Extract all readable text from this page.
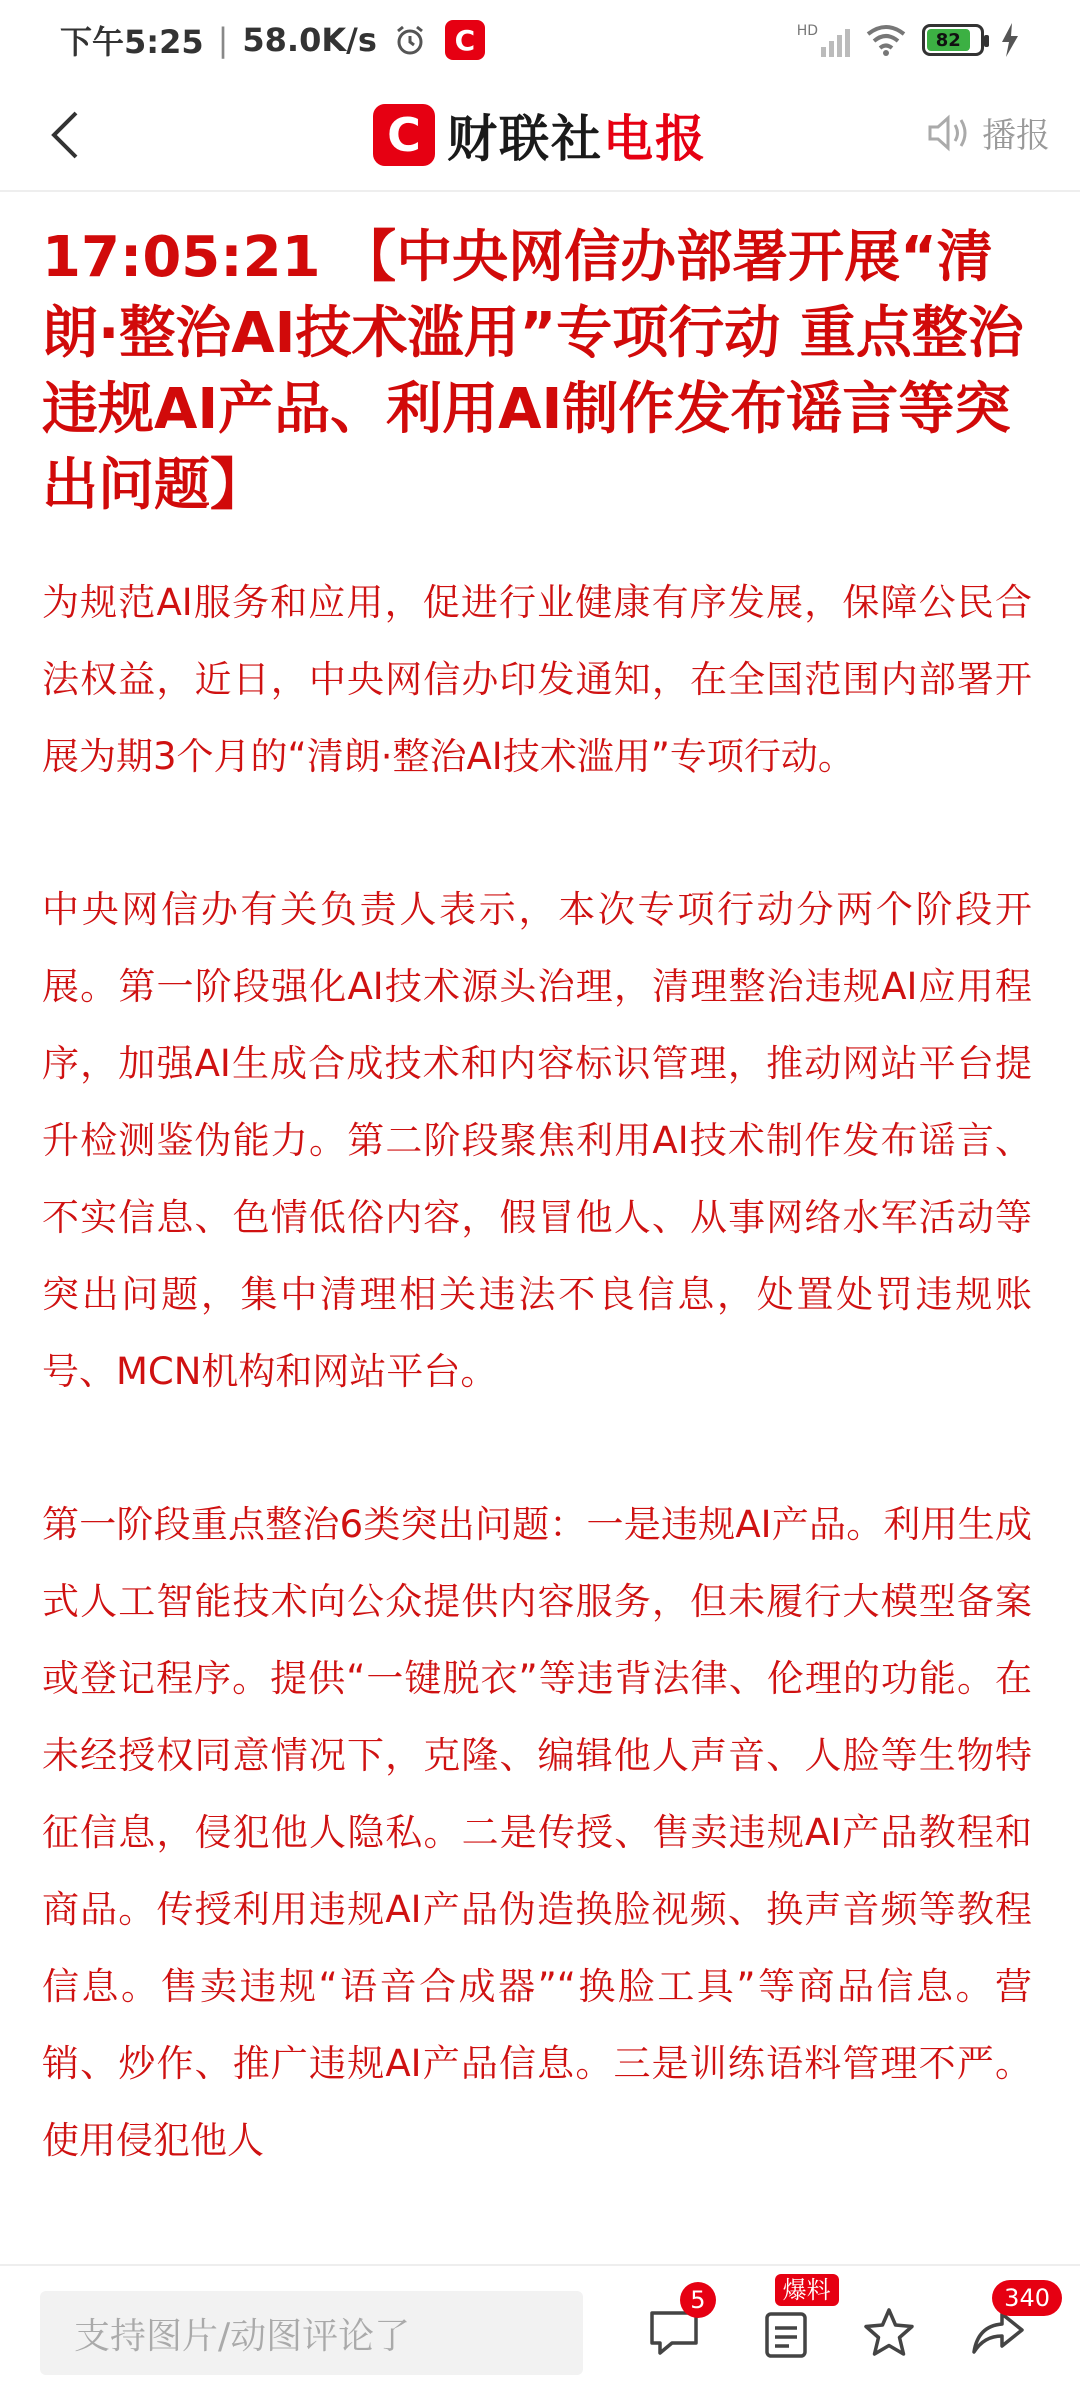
下午5:25 | 58.0K/s	C	HD	82
C 财联社电报	播报
17:05:21 【中央网信办部署开展“清朗·整治AI技术滥用”专项行动 重点整治违规AI产品、利用AI制作发布谣言等突出问题】

为规范AI服务和应用，促进行业健康有序发展，保障公民合法权益，近日，中央网信办印发通知，在全国范围内部署开展为期3个月的“清朗·整治AI技术滥用”专项行动。

中央网信办有关负责人表示，本次专项行动分两个阶段开展。第一阶段强化AI技术源头治理，清理整治违规AI应用程序，加强AI生成合成技术和内容标识管理，推动网站平台提升检测鉴伪能力。第二阶段聚焦利用AI技术制作发布谣言、不实信息、色情低俗内容，假冒他人、从事网络水军活动等突出问题，集中清理相关违法不良信息，处置处罚违规账号、MCN机构和网站平台。

第一阶段重点整治6类突出问题：一是违规AI产品。利用生成式人工智能技术向公众提供内容服务，但未履行大模型备案或登记程序。提供“一键脱衣”等违背法律、伦理的功能。在未经授权同意情况下，克隆、编辑他人声音、人脸等生物特征信息，侵犯他人隐私。二是传授、售卖违规AI产品教程和商品。传授利用违规AI产品伪造换脸视频、换声音频等教程信息。售卖违规“语音合成器”“换脸工具”等商品信息。营销、炒作、推广违规AI产品信息。三是训练语料管理不严。使用侵犯他人

支持图片/动图评论了
5	爆料	340
